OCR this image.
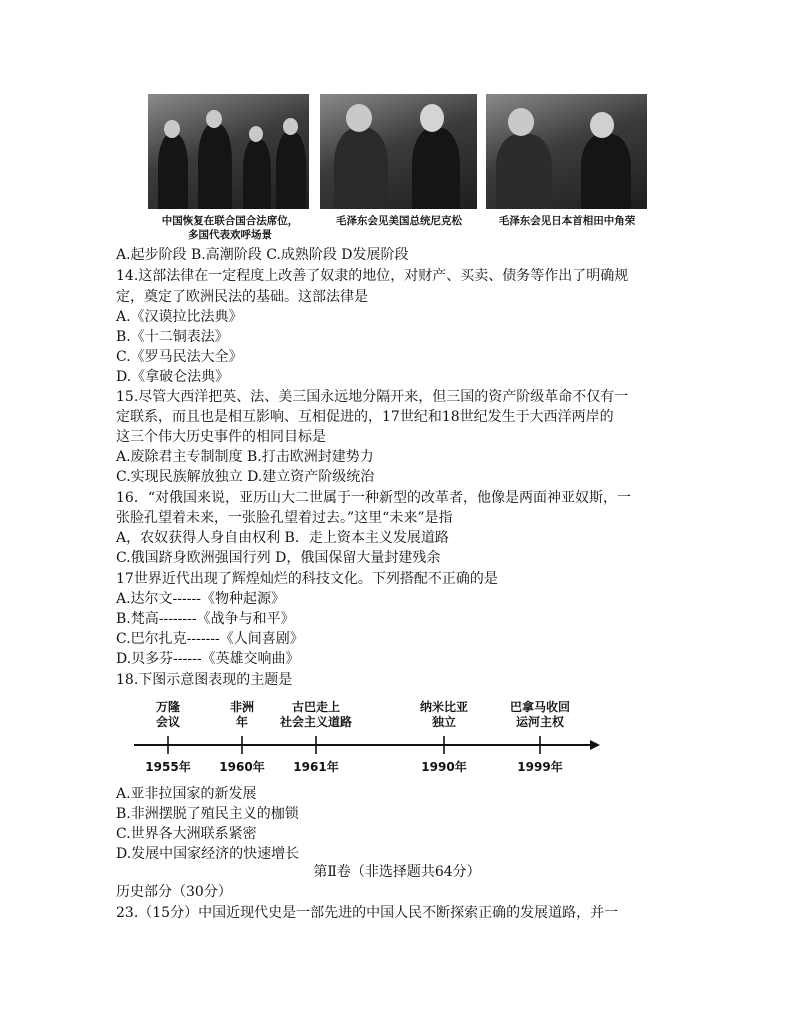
中国恢复在联合国合法席位，
多国代表欢呼场景
毛泽东会见美国总统尼克松	毛泽东会见日本首相田中角荣
A.起步阶段 B.高潮阶段 C.成熟阶段 D发展阶段
14.这部法律在一定程度上改善了奴隶的地位，对财产、买卖、债务等作出了明确规
定，奠定了欧洲民法的基础。这部法律是
A.《汉谟拉比法典》
B.《十二铜表法》
C.《罗马民法大全》
D.《拿破仑法典》
15.尽管大西洋把英、法、美三国永远地分隔开来，但三国的资产阶级革命不仅有一
定联系，而且也是相互影响、互相促进的，17世纪和18世纪发生于大西洋两岸的
这三个伟大历史事件的相同目标是
A.废除君主专制制度 B.打击欧洲封建势力
C.实现民族解放独立 D.建立资产阶级统治
16．“对俄国来说，亚历山大二世属于一种新型的改革者，他像是两面神亚奴斯，一
张脸孔望着未来，一张脸孔望着过去。”这里“未来”是指
A，农奴获得人身自由权利 B．走上资本主义发展道路
C.俄国跻身欧洲强国行列 D，俄国保留大量封建残余
17世界近代出现了辉煌灿烂的科技文化。下列搭配不正确的是
A.达尔文------《物种起源》
B.梵高--------《战争与和平》
C.巴尔扎克-------《人间喜剧》
D.贝多芬------《英雄交响曲》
18.下图示意图表现的主题是
万隆
会议
1955年
非洲
年
1960年
古巴走上
社会主义道路
1961年
纳米比亚
独立
1990年
巴拿马收回
运河主权
1999年
A.亚非拉国家的新发展
B.非洲摆脱了殖民主义的枷锁
C.世界各大洲联系紧密
D.发展中国家经济的快速增长
第Ⅱ卷（非选择题共64分）
历史部分（30分）
23.（15分）中国近现代史是一部先进的中国人民不断探索正确的发展道路，并一
